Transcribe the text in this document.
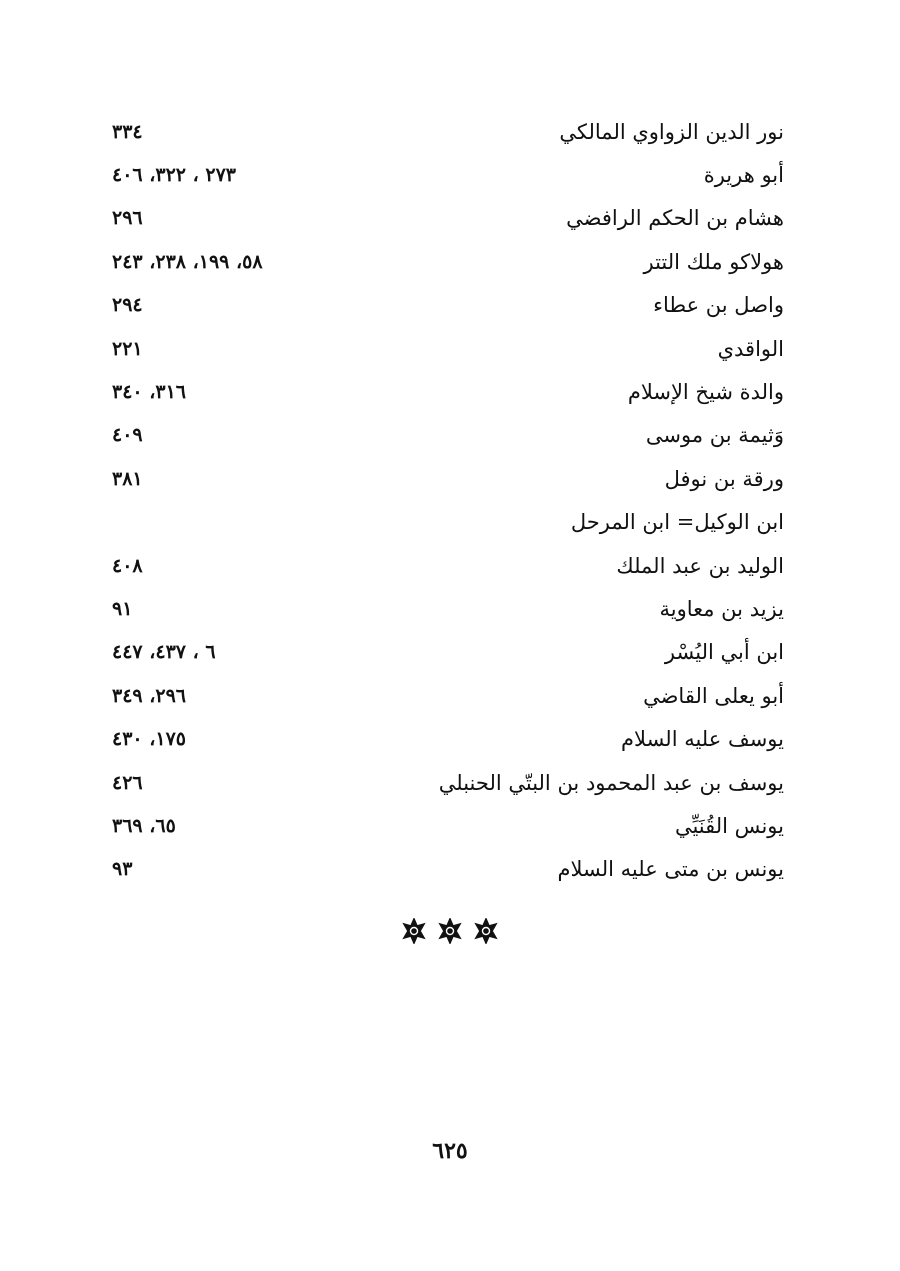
نور الدين الزواوي المالكي
٣٣٤
أبو هريرة
٢٧٣ ، ٣٢٢، ٤٠٦
هشام بن الحكم الرافضي
٢٩٦
هولاكو ملك التتر
٥٨، ١٩٩، ٢٣٨، ٢٤٣
واصل بن عطاء
٢٩٤
الواقدي
٢٢١
والدة شيخ الإسلام
٣١٦، ٣٤٠
وَثيمة بن موسى
٤٠٩
ورقة بن نوفل
٣٨١
ابن الوكيل= ابن المرحل
الوليد بن عبد الملك
٤٠٨
يزيد بن معاوية
٩١
ابن أبي اليُسْر
٦ ، ٤٣٧، ٤٤٧
أبو يعلى القاضي
٢٩٦، ٣٤٩
يوسف عليه السلام
١٧٥، ٤٣٠
يوسف بن عبد المحمود بن البتّي الحنبلي
٤٢٦
يونس القُنَيِّي
٦٥، ٣٦٩
يونس بن متى عليه السلام
٩٣
٦٢٥
